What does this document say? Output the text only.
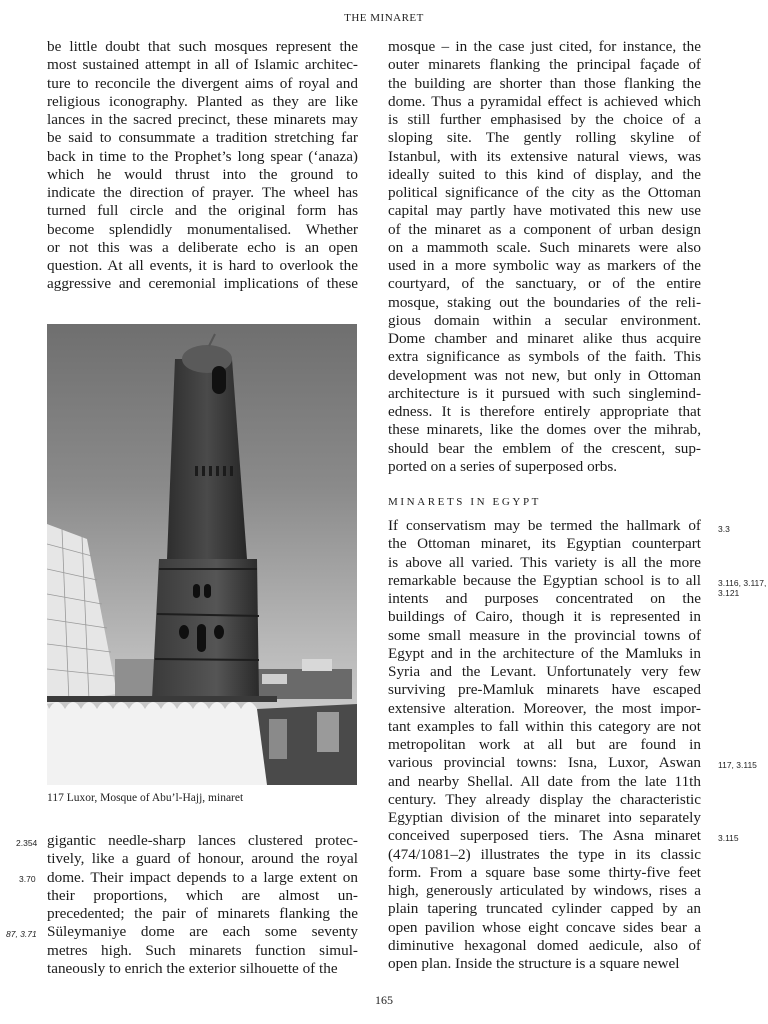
THE MINARET
be little doubt that such mosques represent the
most sustained attempt in all of Islamic architec-
ture to reconcile the divergent aims of royal and
religious iconography. Planted as they are like
lances in the sacred precinct, these minarets may
be said to consummate a tradition stretching far
back in time to the Prophet’s long spear (‘anaza)
which he would thrust into the ground to
indicate the direction of prayer. The wheel has
turned full circle and the original form has
become splendidly monumentalised. Whether
or not this was a deliberate echo is an open
question. At all events, it is hard to overlook the
aggressive and ceremonial implications of these
117 Luxor, Mosque of Abu’l-Hajj, minaret
gigantic needle-sharp lances clustered protec-
tively, like a guard of honour, around the royal
dome. Their impact depends to a large extent on
their proportions, which are almost un-
precedented; the pair of minarets flanking the
Süleymaniye dome are each some seventy
metres high. Such minarets function simul-
taneously to enrich the exterior silhouette of the
2.354
3.70
87, 3.71
mosque – in the case just cited, for instance, the
outer minarets flanking the principal façade of
the building are shorter than those flanking the
dome. Thus a pyramidal effect is achieved which
is still further emphasised by the choice of a
sloping site. The gently rolling skyline of
Istanbul, with its extensive natural views, was
ideally suited to this kind of display, and the
political significance of the city as the Ottoman
capital may partly have motivated this new use
of the minaret as a component of urban design
on a mammoth scale. Such minarets were also
used in a more symbolic way as markers of the
courtyard, of the sanctuary, or of the entire
mosque, staking out the boundaries of the reli-
gious domain within a secular environment.
Dome chamber and minaret alike thus acquire
extra significance as symbols of the faith. This
development was not new, but only in Ottoman
architecture is it pursued with such singlemind-
edness. It is therefore entirely appropriate that
these minarets, like the domes over the mihrab,
should bear the emblem of the crescent, sup-
ported on a series of superposed orbs.
MINARETS IN EGYPT
If conservatism may be termed the hallmark of
the Ottoman minaret, its Egyptian counterpart
is above all varied. This variety is all the more
remarkable because the Egyptian school is to all
intents and purposes concentrated on the
buildings of Cairo, though it is represented in
some small measure in the provincial towns of
Egypt and in the architecture of the Mamluks in
Syria and the Levant. Unfortunately very few
surviving pre-Mamluk minarets have escaped
extensive alteration. Moreover, the most impor-
tant examples to fall within this category are not
metropolitan work at all but are found in
various provincial towns: Isna, Luxor, Aswan
and nearby Shellal. All date from the late 11th
century. They already display the characteristic
Egyptian division of the minaret into separately
conceived superposed tiers. The Asna minaret
(474/1081–2) illustrates the type in its classic
form. From a square base some thirty-five feet
high, generously articulated by windows, rises a
plain tapering truncated cylinder capped by an
open pavilion whose eight concave sides bear a
diminutive hexagonal domed aedicule, also of
open plan. Inside the structure is a square newel
3.3
3.116, 3.117,
3.121
117, 3.115
3.115
165
